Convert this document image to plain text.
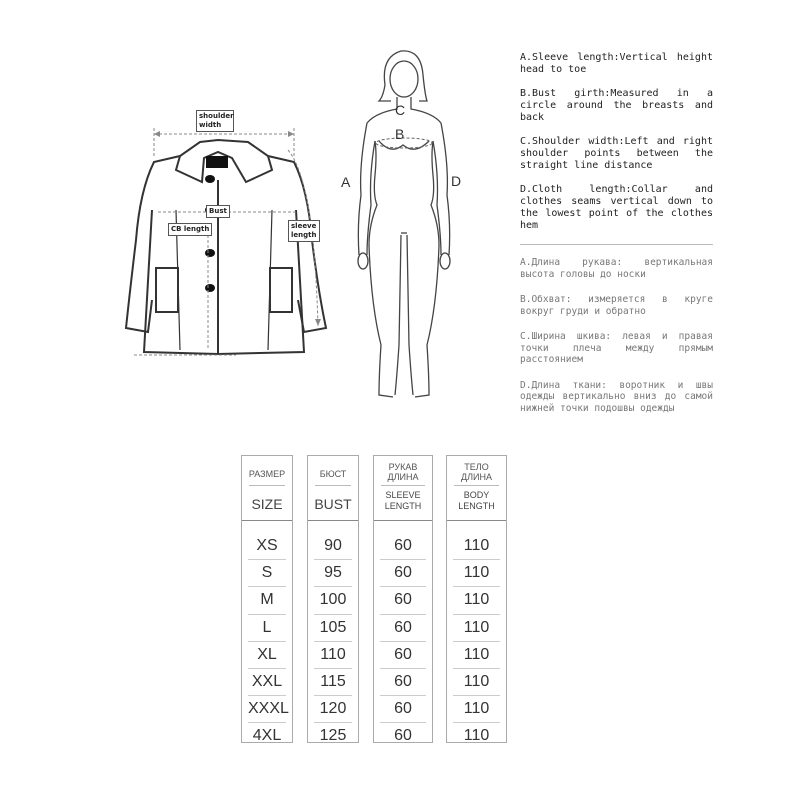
shoulder width
Bust
CB length	sleeve length
A
B
C
D

A.Sleeve length:Vertical height head to toe

B.Bust girth:Measured in a circle around the breasts and back

C.Shoulder width:Left and right shoulder points between the straight line distance

D.Cloth length:Collar and clothes seams vertical down to the lowest point of the clothes hem

A.Длина рукава: вертикальная высота головы до носки

B.Обхват: измеряется в круге вокруг груди и обратно

C.Ширина шкива: левая и правая точки плеча между прямым расстоянием

D.Длина ткани: воротник и швы одежды вертикально вниз до самой нижней точки подошвы одежды

РАЗМЕР
SIZE
XS
S
M
L
XL
XXL
XXXL
4XL
БЮСТ
BUST
90
95
100
105
110
115
120
125
РУКАВ ДЛИНА
SLEEVE LENGTH
60
60
60
60
60
60
60
60
ТЕЛО ДЛИНА
BODY LENGTH
110
110
110
110
110
110
110
110
